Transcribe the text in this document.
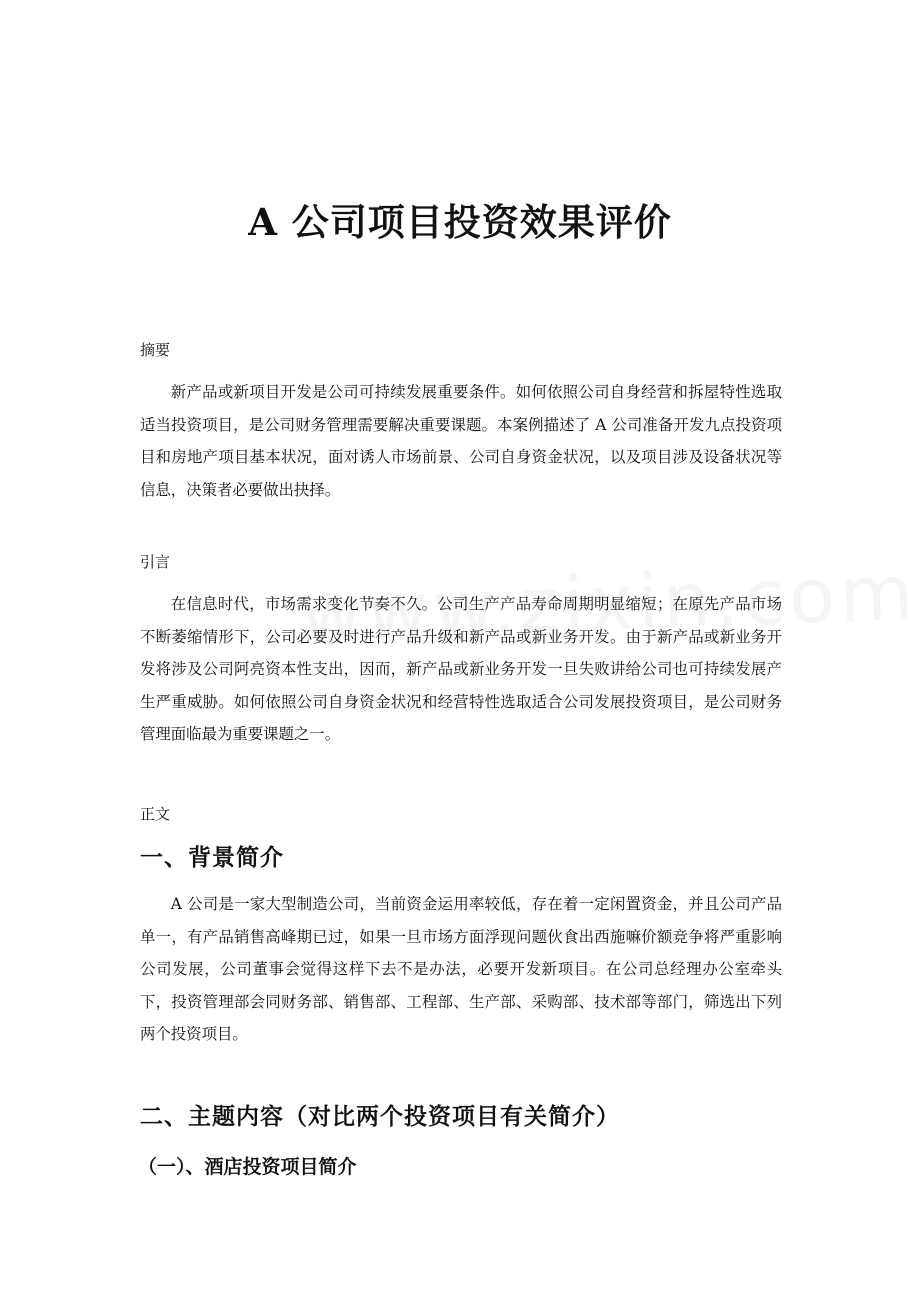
A 公司项目投资效果评价
摘要
新产品或新项目开发是公司可持续发展重要条件。如何依照公司自身经营和拆屋特性选取适当投资项目，是公司财务管理需要解决重要课题。本案例描述了 A 公司准备开发九点投资项目和房地产项目基本状况，面对诱人市场前景、公司自身资金状况，以及项目涉及设备状况等信息，决策者必要做出抉择。
引言
在信息时代，市场需求变化节奏不久。公司生产产品寿命周期明显缩短；在原先产品市场不断萎缩情形下，公司必要及时进行产品升级和新产品或新业务开发。由于新产品或新业务开发将涉及公司阿亮资本性支出，因而，新产品或新业务开发一旦失败讲给公司也可持续发展产生严重威胁。如何依照公司自身资金状况和经营特性选取适合公司发展投资项目，是公司财务管理面临最为重要课题之一。
正文
一、背景简介
A 公司是一家大型制造公司，当前资金运用率较低，存在着一定闲置资金，并且公司产品单一，有产品销售高峰期已过，如果一旦市场方面浮现问题伙食出西施嘛价额竞争将严重影响公司发展，公司董事会觉得这样下去不是办法，必要开发新项目。在公司总经理办公室牵头下，投资管理部会同财务部、销售部、工程部、生产部、采购部、技术部等部门，筛选出下列两个投资项目。
二、主题内容（对比两个投资项目有关简介）
（一）、酒店投资项目简介
